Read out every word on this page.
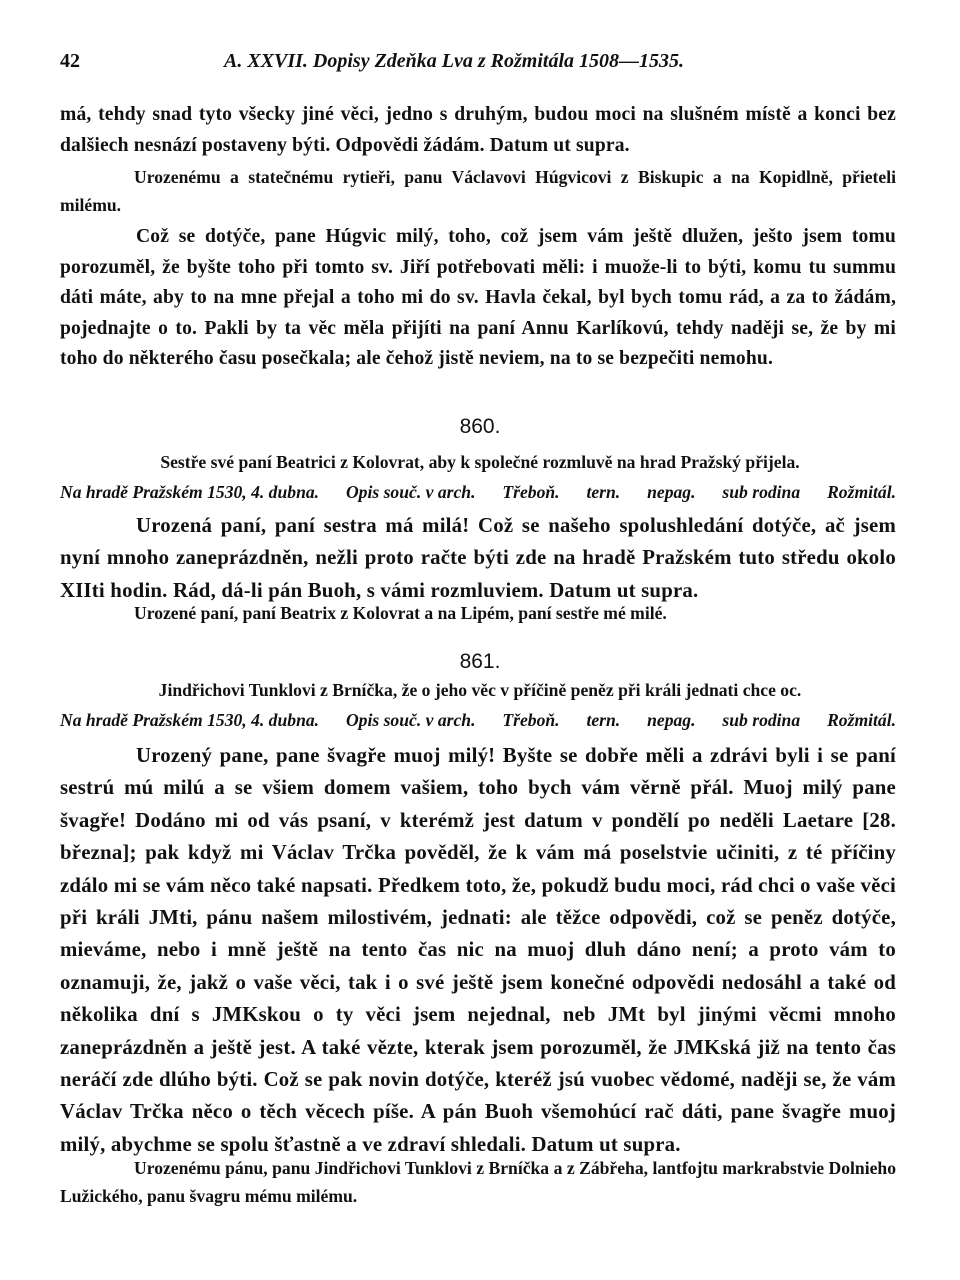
42	A. XXVII. Dopisy Zdeňka Lva z Rožmitála 1508—1535.

má, tehdy snad tyto všecky jiné věci, jedno s druhým, budou moci na slušném místě a konci bez dalšiech nesnází postaveny býti. Odpovědi žádám. Datum ut supra.

Urozenému a statečnému rytieři, panu Václavovi Húgvicovi z Biskupic a na Kopidlně, přieteli milému.

Což se dotýče, pane Húgvic milý, toho, což jsem vám ještě dlužen, ješto jsem tomu porozuměl, že byšte toho při tomto sv. Jiří potřebovati měli: i muože-li to býti, komu tu summu dáti máte, aby to na mne přejal a toho mi do sv. Havla čekal, byl bych tomu rád, a za to žádám, pojednajte o to. Pakli by ta věc měla přijíti na paní Annu Karlíkovú, tehdy naději se, že by mi toho do některého času posečkala; ale čehož jistě neviem, na to se bezpečiti nemohu.

860.
Sestře své paní Beatrici z Kolovrat, aby k společné rozmluvě na hrad Pražský přijela.
Na hradě Pražském 1530, 4. dubna. Opis souč. v arch. Třeboň. tern. nepag. sub rodina Rožmitál.

Urozená paní, paní sestra má milá! Což se našeho spolushledání dotýče, ač jsem nyní mnoho zaneprázdněn, nežli proto račte býti zde na hradě Pražském tuto středu okolo XIIti hodin. Rád, dá-li pán Buoh, s vámi rozmluviem. Datum ut supra.

Urozené paní, paní Beatrix z Kolovrat a na Lipém, paní sestře mé milé.

861.
Jindřichovi Tunklovi z Brníčka, že o jeho věc v příčině peněz při králi jednati chce oc.
Na hradě Pražském 1530, 4. dubna. Opis souč. v arch. Třeboň. tern. nepag. sub rodina Rožmitál.

Urozený pane, pane švagře muoj milý! Byšte se dobře měli a zdrávi byli i se paní sestrú mú milú a se všiem domem vašiem, toho bych vám věrně přál. Muoj milý pane švagře! Dodáno mi od vás psaní, v kterémž jest datum v pondělí po neděli Laetare [28. března]; pak když mi Václav Trčka pověděl, že k vám má poselstvie učiniti, z té příčiny zdálo mi se vám něco také napsati. Předkem toto, že, pokudž budu moci, rád chci o vaše věci při králi JMti, pánu našem milostivém, jednati: ale těžce odpovědi, což se peněz dotýče, mieváme, nebo i mně ještě na tento čas nic na muoj dluh dáno není; a proto vám to oznamuji, že, jakž o vaše věci, tak i o své ještě jsem konečné odpovědi nedosáhl a také od několika dní s JMKskou o ty věci jsem nejednal, neb JMt byl jinými věcmi mnoho zaneprázdněn a ještě jest. A také vězte, kterak jsem porozuměl, že JMKská již na tento čas neráčí zde dlúho býti. Což se pak novin dotýče, kteréž jsú vuobec vědomé, naději se, že vám Václav Trčka něco o těch věcech píše. A pán Buoh všemohúcí rač dáti, pane švagře muoj milý, abychme se spolu šťastně a ve zdraví shledali. Datum ut supra.

Urozenému pánu, panu Jindřichovi Tunklovi z Brníčka a z Zábřeha, lantfojtu markrabstvie Dolnieho Lužického, panu švagru mému milému.
